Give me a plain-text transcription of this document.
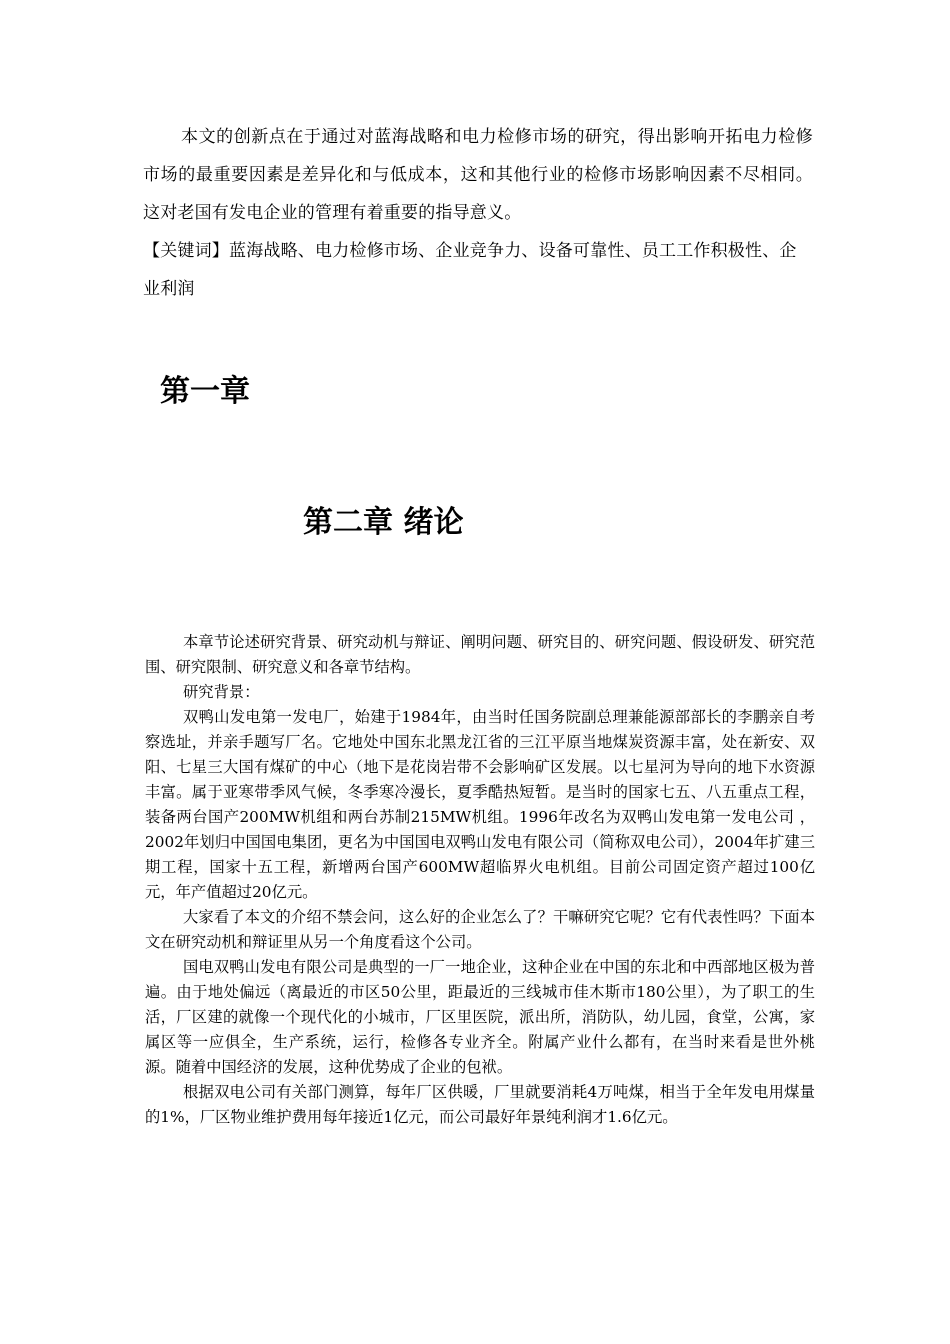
本文的创新点在于通过对蓝海战略和电力检修市场的研究，得出影响开拓电力检修市场的最重要因素是差异化和与低成本，这和其他行业的检修市场影响因素不尽相同。这对老国有发电企业的管理有着重要的指导意义。

【关键词】蓝海战略、电力检修市场、企业竞争力、设备可靠性、员工工作积极性、企业利润

第一章
第二章 绪论

本章节论述研究背景、研究动机与辩证、阐明问题、研究目的、研究问题、假设研发、研究范围、研究限制、研究意义和各章节结构。

研究背景：

双鸭山发电第一发电厂，始建于1984年，由当时任国务院副总理兼能源部部长的李鹏亲自考察选址，并亲手题写厂名。它地处中国东北黑龙江省的三江平原当地煤炭资源丰富，处在新安、双阳、七星三大国有煤矿的中心（地下是花岗岩带不会影响矿区发展。以七星河为导向的地下水资源丰富。属于亚寒带季风气候，冬季寒冷漫长，夏季酷热短暂。是当时的国家七五、八五重点工程，装备两台国产200MW机组和两台苏制215MW机组。1996年改名为双鸭山发电第一发电公司 ，2002年划归中国国电集团，更名为中国国电双鸭山发电有限公司（简称双电公司），2004年扩建三期工程，国家十五工程，新增两台国产600MW超临界火电机组。目前公司固定资产超过100亿元，年产值超过20亿元。

大家看了本文的介绍不禁会问，这么好的企业怎么了？干嘛研究它呢？它有代表性吗？下面本文在研究动机和辩证里从另一个角度看这个公司。

国电双鸭山发电有限公司是典型的一厂一地企业，这种企业在中国的东北和中西部地区极为普遍。由于地处偏远（离最近的市区50公里，距最近的三线城市佳木斯市180公里），为了职工的生活，厂区建的就像一个现代化的小城市，厂区里医院，派出所，消防队，幼儿园，食堂，公寓，家属区等一应俱全，生产系统，运行，检修各专业齐全。附属产业什么都有，在当时来看是世外桃源。随着中国经济的发展，这种优势成了企业的包袱。

根据双电公司有关部门测算，每年厂区供暖，厂里就要消耗4万吨煤，相当于全年发电用煤量的1%，厂区物业维护费用每年接近1亿元，而公司最好年景纯利润才1.6亿元。
